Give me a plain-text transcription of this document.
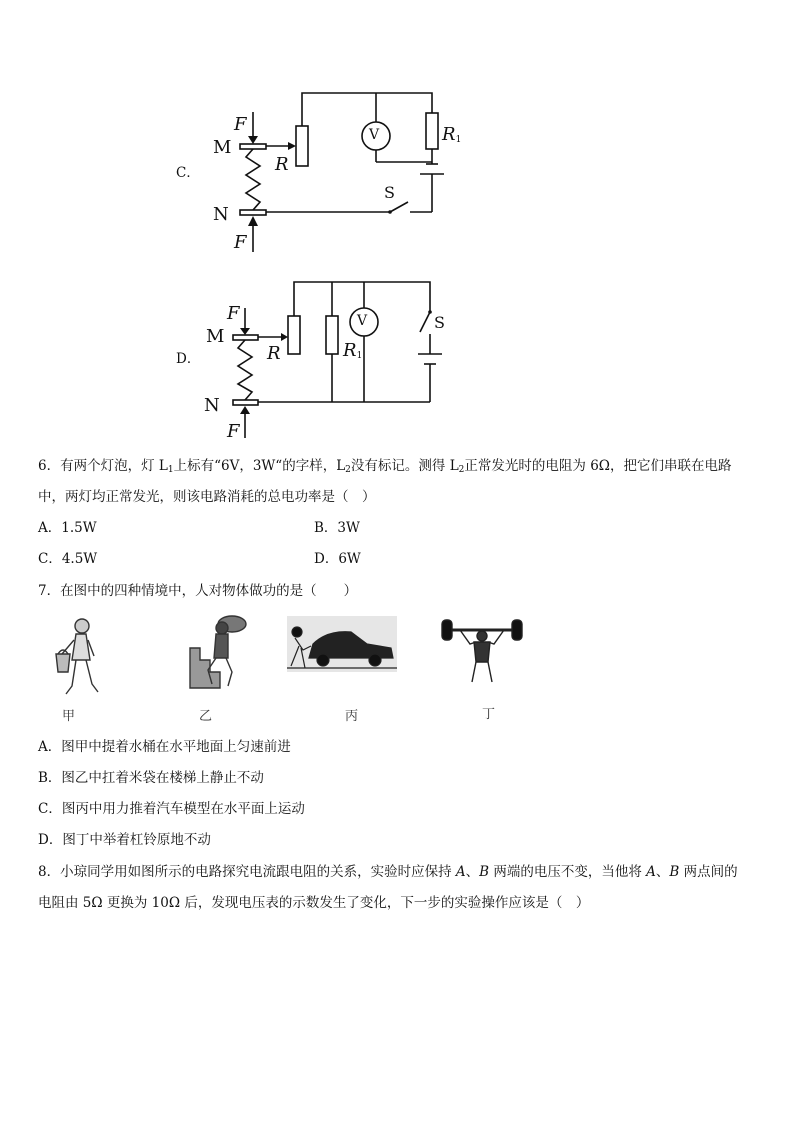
C．
F
M
R
V	$R_1$
S
N
F
D．
F
M
R
V
$R_1$
S
N
F
6．有两个灯泡，灯 $L_1$上标有“6V，3W“的字样，$L_2$没有标记。测得 $L_2$正常发光时的电阻为 6Ω，把它们串联在电路
中，两灯均正常发光，则该电路消耗的总电功率是（　）
A．1.5W	B．3W
C．4.5W	D．6W
7．在图中的四种情境中，人对物体做功的是（　　）
甲	乙	丙	丁
A．图甲中提着水桶在水平地面上匀速前进
B．图乙中扛着米袋在楼梯上静止不动
C．图丙中用力推着汽车模型在水平面上运动
D．图丁中举着杠铃原地不动
8．小琼同学用如图所示的电路探究电流跟电阻的关系，实验时应保持 A、B 两端的电压不变，当他将 A、B 两点间的
电阻由 5Ω 更换为 10Ω 后，发现电压表的示数发生了变化，下一步的实验操作应该是（　）
